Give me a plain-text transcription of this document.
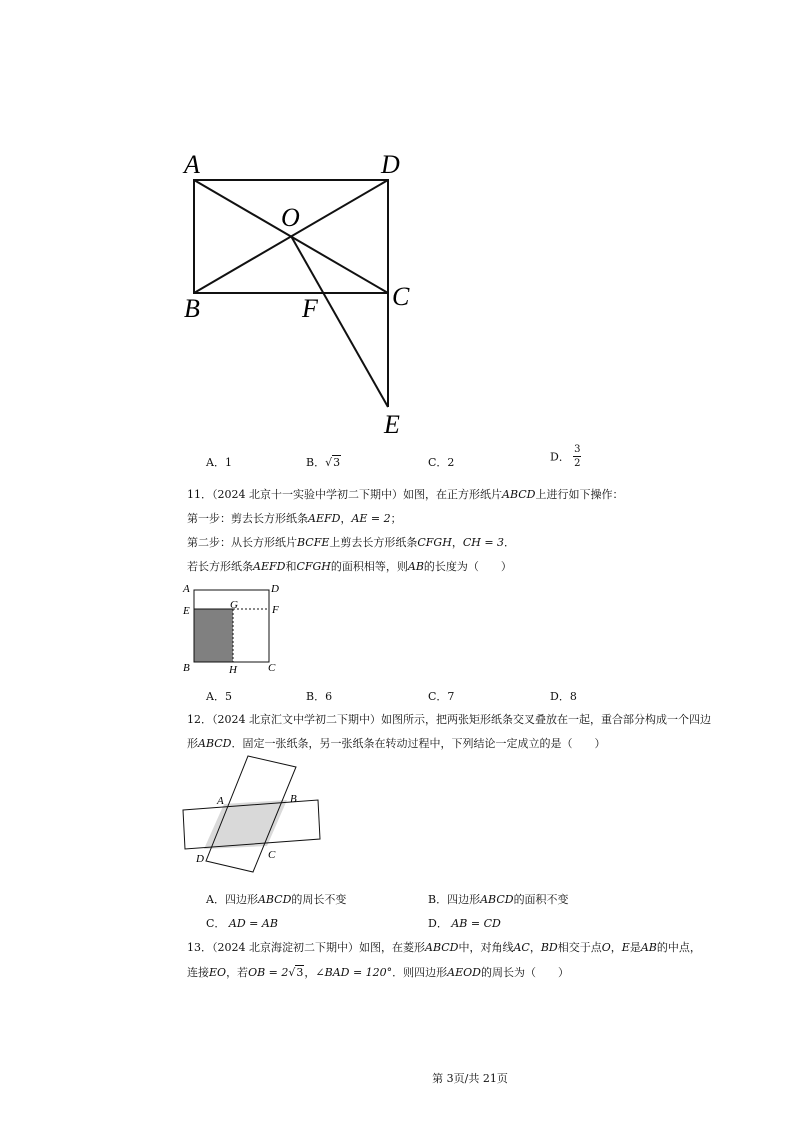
A	D
O
B	F	C
E
A．1	B．√3	C．2	D． $\frac{3}{2}$
11．（2024 北京十一实验中学初二下期中）如图，在正方形纸片ABCD上进行如下操作：
第一步：剪去长方形纸条AEFD，AE = 2；
第二步：从长方形纸片BCFE上剪去长方形纸条CFGH，CH = 3．
若长方形纸条AEFD和CFGH的面积相等，则AB的长度为（　　）
A	D
E	G	F
B	H	C
A．5	B．6	C．7	D．8
12．（2024 北京汇文中学初二下期中）如图所示，把两张矩形纸条交叉叠放在一起，重合部分构成一个四边
形ABCD．固定一张纸条，另一张纸条在转动过程中，下列结论一定成立的是（　　）
A	B
C
D
A．四边形ABCD的周长不变	B．四边形ABCD的面积不变
C． AD = AB	D． AB = CD
13．（2024 北京海淀初二下期中）如图，在菱形ABCD中，对角线AC，BD相交于点O，E是AB的中点，
连接EO，若OB = 2√3，∠BAD = 120°．则四边形AEOD的周长为（　　）
第 3页/共 21页
